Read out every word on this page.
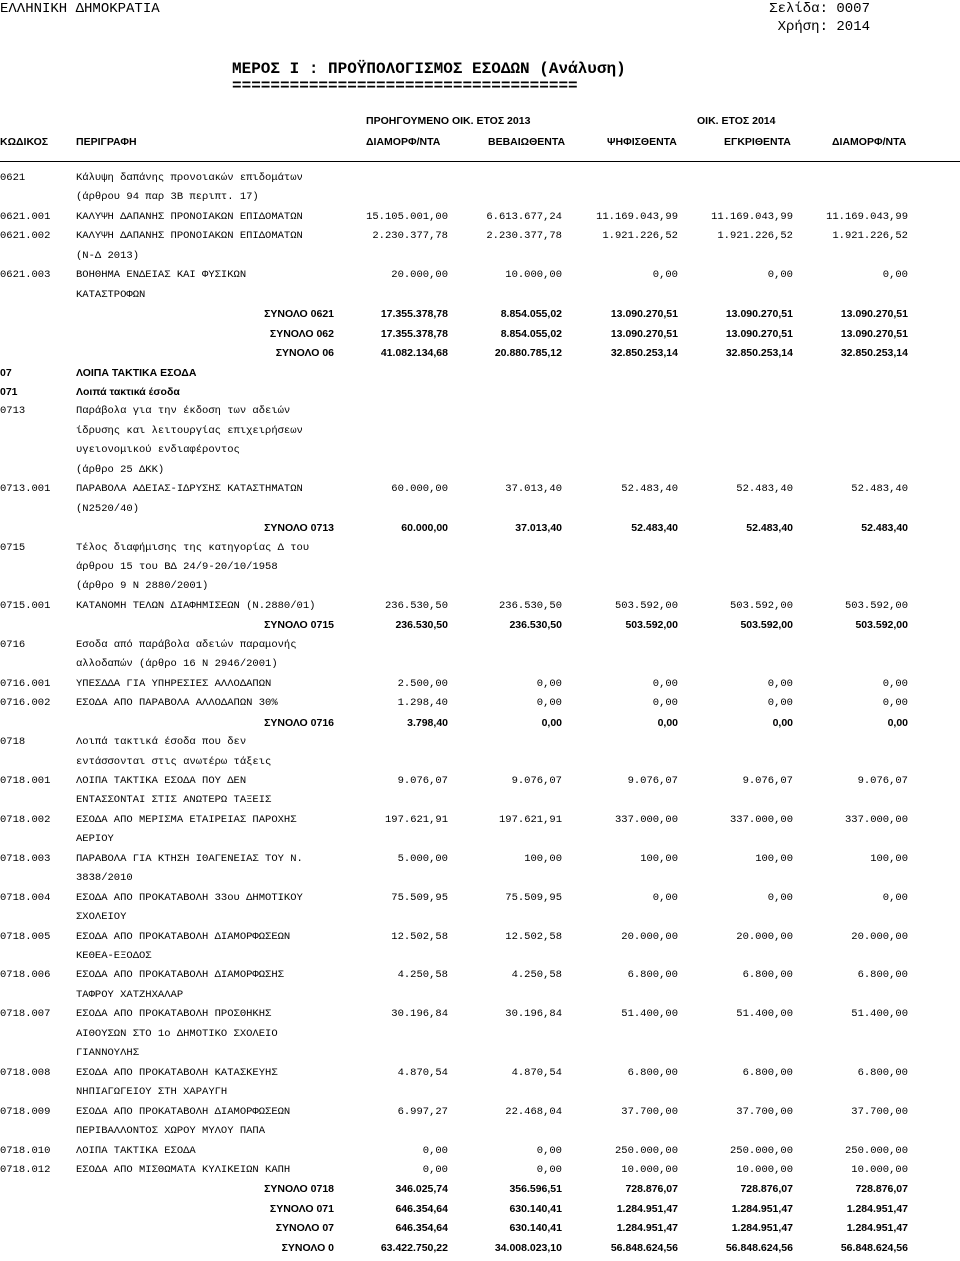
ΕΛΛΗΝΙΚΗ ΔΗΜΟΚΡΑΤΙΑ	Σελίδα: 0007
Χρήση: 2014
ΜΕΡΟΣ Ι : ΠΡΟΫΠΟΛΟΓΙΣΜΟΣ ΕΣΟΔΩΝ (Ανάλυση)
====================================
ΠΡΟΗΓΟΥΜΕΝΟ ΟΙΚ. ΕΤΟΣ 2013	ΟΙΚ. ΕΤΟΣ 2014
ΚΩΔΙΚΟΣ	ΠΕΡΙΓΡΑΦΗ	ΔΙΑΜΟΡΦ/ΝΤΑ	ΒΕΒΑΙΩΘΕΝΤΑ	ΨΗΦΙΣΘΕΝΤΑ	ΕΓΚΡΙΘΕΝΤΑ	ΔΙΑΜΟΡΦ/ΝΤΑ
0621	Κάλυψη δαπάνης προνοιακών επιδομάτων
(άρθρου 94 παρ 3Β περιπτ. 17)
0621.001 ΚΑΛΥΨΗ ΔΑΠΑΝΗΣ ΠΡΟΝΟΙΑΚΩΝ ΕΠΙΔΟΜΑΤΩΝ	15.105.001,00	6.613.677,24	11.169.043,99	11.169.043,99	11.169.043,99
0621.002 ΚΑΛΥΨΗ ΔΑΠΑΝΗΣ ΠΡΟΝΟΙΑΚΩΝ ΕΠΙΔΟΜΑΤΩΝ	2.230.377,78	2.230.377,78	1.921.226,52	1.921.226,52	1.921.226,52
(Ν-Δ 2013)
0621.003 ΒΟΗΘΗΜΑ ΕΝΔΕΙΑΣ ΚΑΙ ΦΥΣΙΚΩΝ	20.000,00	10.000,00	0,00	0,00	0,00
ΚΑΤΑΣΤΡΟΦΩΝ
ΣΥΝΟΛΟ 0621	17.355.378,78	8.854.055,02	13.090.270,51	13.090.270,51	13.090.270,51
ΣΥΝΟΛΟ 062	17.355.378,78	8.854.055,02	13.090.270,51	13.090.270,51	13.090.270,51
ΣΥΝΟΛΟ 06	41.082.134,68	20.880.785,12	32.850.253,14	32.850.253,14	32.850.253,14
07	ΛΟΙΠΑ ΤΑΚΤΙΚΑ ΕΣΟΔΑ
071	Λοιπά τακτικά έσοδα
0713	Παράβολα για την έκδοση των αδειών
ίδρυσης και λειτουργίας επιχειρήσεων
υγειονομικού ενδιαφέροντος
(άρθρο 25 ΔΚΚ)
0713.001 ΠΑΡΑΒΟΛΑ ΑΔΕΙΑΣ-ΙΔΡΥΣΗΣ ΚΑΤΑΣΤΗΜΑΤΩΝ	60.000,00	37.013,40	52.483,40	52.483,40	52.483,40
(Ν2520/40)
ΣΥΝΟΛΟ 0713	60.000,00	37.013,40	52.483,40	52.483,40	52.483,40
0715	Τέλος διαφήμισης της κατηγορίας Δ του
άρθρου 15 του ΒΔ 24/9-20/10/1958
(άρθρο 9 Ν 2880/2001)
0715.001 ΚΑΤΑΝΟΜΗ ΤΕΛΩΝ ΔΙΑΦΗΜΙΣΕΩΝ (Ν.2880/01)	236.530,50	236.530,50	503.592,00	503.592,00	503.592,00
ΣΥΝΟΛΟ 0715	236.530,50	236.530,50	503.592,00	503.592,00	503.592,00
0716	Εσοδα από παράβολα αδειών παραμονής
αλλοδαπών (άρθρο 16 Ν 2946/2001)
0716.001 ΥΠΕΣΔΔΑ ΓΙΑ ΥΠΗΡΕΣΙΕΣ ΑΛΛΟΔΑΠΩΝ	2.500,00	0,00	0,00	0,00	0,00
0716.002 ΕΣΟΔΑ ΑΠΟ ΠΑΡΑΒΟΛΑ ΑΛΛΟΔΑΠΩΝ 30%	1.298,40	0,00	0,00	0,00	0,00
ΣΥΝΟΛΟ 0716	3.798,40	0,00	0,00	0,00	0,00
0718	Λοιπά τακτικά έσοδα που δεν
εντάσσονται στις ανωτέρω τάξεις
0718.001 ΛΟΙΠΑ ΤΑΚΤΙΚΑ ΕΣΟΔΑ ΠΟΥ ΔΕΝ	9.076,07	9.076,07	9.076,07	9.076,07	9.076,07
ΕΝΤΑΣΣΟΝΤΑΙ ΣΤΙΣ ΑΝΩΤΕΡΩ ΤΑΞΕΙΣ
0718.002 ΕΣΟΔΑ ΑΠΟ ΜΕΡΙΣΜΑ ΕΤΑΙΡΕΙΑΣ ΠΑΡΟΧΗΣ	197.621,91	197.621,91	337.000,00	337.000,00	337.000,00
ΑΕΡΙΟΥ
0718.003 ΠΑΡΑΒΟΛΑ ΓΙΑ ΚΤΗΣΗ ΙΘΑΓΕΝΕΙΑΣ ΤΟΥ Ν.	5.000,00	100,00	100,00	100,00	100,00
3838/2010
0718.004 ΕΣΟΔΑ ΑΠΟ ΠΡΟΚΑΤΑΒΟΛΗ 33ου ΔΗΜΟΤΙΚΟΥ	75.509,95	75.509,95	0,00	0,00	0,00
ΣΧΟΛΕΙΟΥ
0718.005 ΕΣΟΔΑ ΑΠΟ ΠΡΟΚΑΤΑΒΟΛΗ ΔΙΑΜΟΡΦΩΣΕΩΝ	12.502,58	12.502,58	20.000,00	20.000,00	20.000,00
ΚΕΘΕΑ-ΕΞΟΔΟΣ
0718.006 ΕΣΟΔΑ ΑΠΟ ΠΡΟΚΑΤΑΒΟΛΗ ΔΙΑΜΟΡΦΩΣΗΣ	4.250,58	4.250,58	6.800,00	6.800,00	6.800,00
ΤΑΦΡΟΥ ΧΑΤΖΗΧΑΛΑΡ
0718.007 ΕΣΟΔΑ ΑΠΟ ΠΡΟΚΑΤΑΒΟΛΗ ΠΡΟΣΘΗΚΗΣ	30.196,84	30.196,84	51.400,00	51.400,00	51.400,00
ΑΙΘΟΥΣΩΝ ΣΤΟ 1ο ΔΗΜΟΤΙΚΟ ΣΧΟΛΕΙΟ
ΓΙΑΝΝΟΥΛΗΣ
0718.008 ΕΣΟΔΑ ΑΠΟ ΠΡΟΚΑΤΑΒΟΛΗ ΚΑΤΑΣΚΕΥΗΣ	4.870,54	4.870,54	6.800,00	6.800,00	6.800,00
ΝΗΠΙΑΓΩΓΕΙΟΥ ΣΤΗ ΧΑΡΑΥΓΗ
0718.009 ΕΣΟΔΑ ΑΠΟ ΠΡΟΚΑΤΑΒΟΛΗ ΔΙΑΜΟΡΦΩΣΕΩΝ	6.997,27	22.468,04	37.700,00	37.700,00	37.700,00
ΠΕΡΙΒΑΛΛΟΝΤΟΣ ΧΩΡΟΥ ΜΥΛΟΥ ΠΑΠΑ
0718.010 ΛΟΙΠΑ ΤΑΚΤΙΚΑ ΕΣΟΔΑ	0,00	0,00	250.000,00	250.000,00	250.000,00
0718.012 ΕΣΟΔΑ ΑΠΟ ΜΙΣΘΩΜΑΤΑ ΚΥΛΙΚΕΙΩΝ ΚΑΠΗ	0,00	0,00	10.000,00	10.000,00	10.000,00
ΣΥΝΟΛΟ 0718	346.025,74	356.596,51	728.876,07	728.876,07	728.876,07
ΣΥΝΟΛΟ 071	646.354,64	630.140,41	1.284.951,47	1.284.951,47	1.284.951,47
ΣΥΝΟΛΟ 07	646.354,64	630.140,41	1.284.951,47	1.284.951,47	1.284.951,47
ΣΥΝΟΛΟ 0	63.422.750,22	34.008.023,10	56.848.624,56	56.848.624,56	56.848.624,56
